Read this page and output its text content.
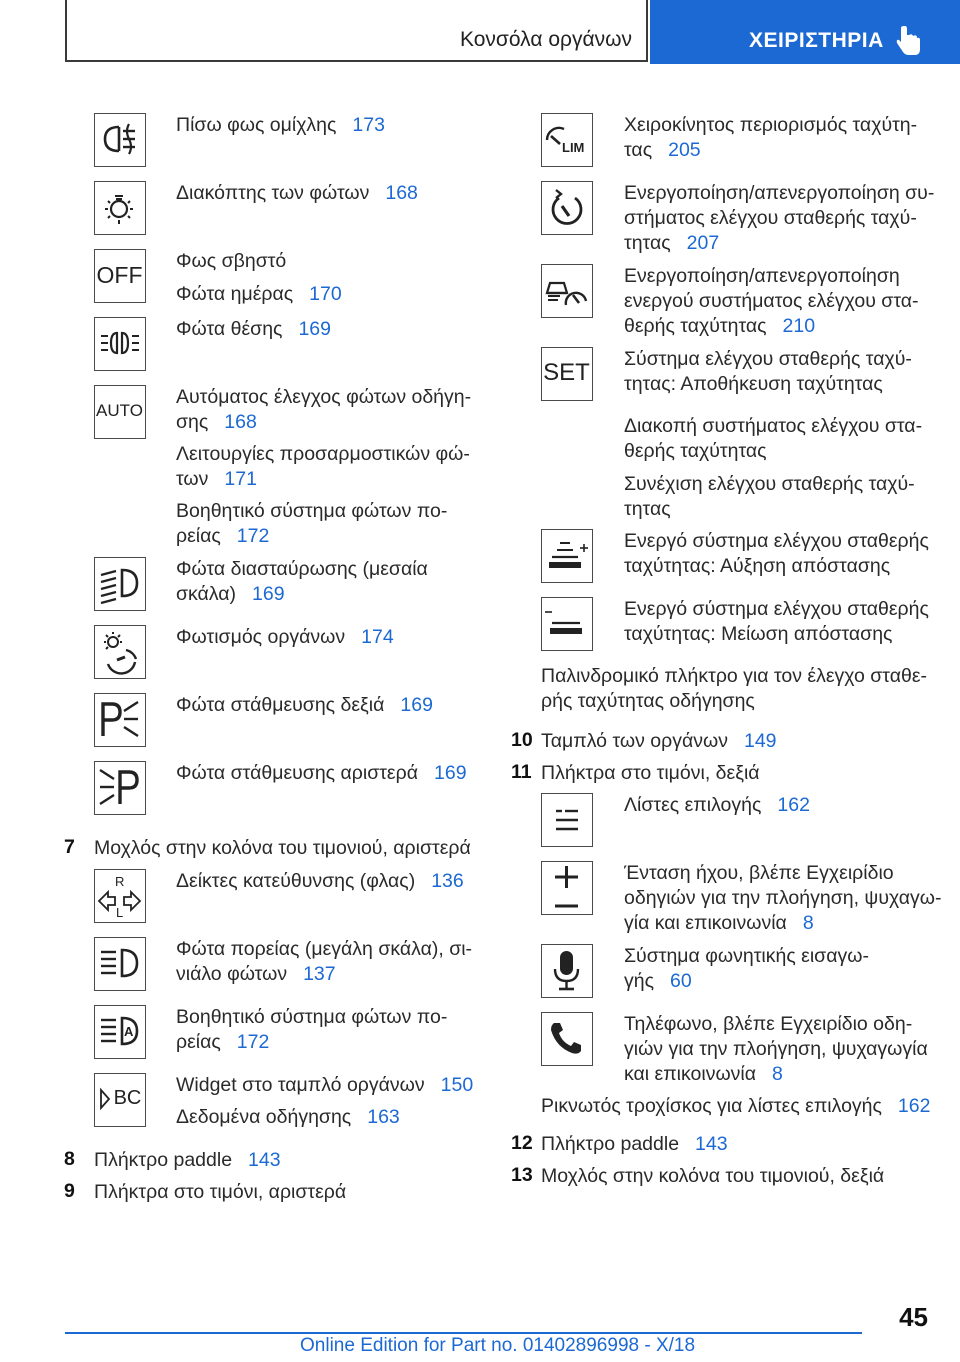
Κονσόλα οργάνων	ΧΕΙΡΙΣΤΗΡΙΑ
Πίσω φως ομίχλης 173
Διακόπτης των φώτων 168
OFF
Φως σβηστό
Φώτα ημέρας 170
Φώτα θέσης 169
AUTO
Αυτόματος έλεγχος φώτων οδήγη-
σης 168
Λειτουργίες προσαρμοστικών φώ-
των 171
Βοηθητικό σύστημα φώτων πο-
ρείας 172
Φώτα διασταύρωσης (μεσαία
σκάλα) 169
Φωτισμός οργάνων 174
Φώτα στάθμευσης δεξιά 169
Φώτα στάθμευσης αριστερά 169
7 Μοχλός στην κολόνα του τιμονιού, αριστερά
R
L
Δείκτες κατεύθυνσης (φλας) 136
Φώτα πορείας (μεγάλη σκάλα), σι-
νιάλο φώτων 137
A
Βοηθητικό σύστημα φώτων πο-
ρείας 172
BC
Widget στο ταμπλό οργάνων 150
Δεδομένα οδήγησης 163
8 Πλήκτρο paddle 143
9 Πλήκτρα στο τιμόνι, αριστερά
LIM
Χειροκίνητος περιορισμός ταχύτη-
τας 205
Ενεργοποίηση/απενεργοποίηση συ-
στήματος ελέγχου σταθερής ταχύ-
τητας 207
Ενεργοποίηση/απενεργοποίηση
ενεργού συστήματος ελέγχου στα-
θερής ταχύτητας 210
SET Σύστημα ελέγχου σταθερής ταχύ-
τητας: Αποθήκευση ταχύτητας
Διακοπή συστήματος ελέγχου στα-
θερής ταχύτητας
Συνέχιση ελέγχου σταθερής ταχύ-
τητας
Ενεργό σύστημα ελέγχου σταθερής
ταχύτητας: Αύξηση απόστασης
Ενεργό σύστημα ελέγχου σταθερής
ταχύτητας: Μείωση απόστασης
Παλινδρομικό πλήκτρο για τον έλεγχο σταθε-
ρής ταχύτητας οδήγησης
10 Ταμπλό των οργάνων 149
11 Πλήκτρα στο τιμόνι, δεξιά
Λίστες επιλογής 162
Ένταση ήχου, βλέπε Εγχειρίδιο
οδηγιών για την πλοήγηση, ψυχαγω-
γία και επικοινωνία 8
Σύστημα φωνητικής εισαγω-
γής 60
Τηλέφωνο, βλέπε Εγχειρίδιο οδη-
γιών για την πλοήγηση, ψυχαγωγία
και επικοινωνία 8
Ρικνωτός τροχίσκος για λίστες επιλογής 162
12 Πλήκτρο paddle 143
13 Μοχλός στην κολόνα του τιμονιού, δεξιά
45
Online Edition for Part no. 01402896998 - X/18
